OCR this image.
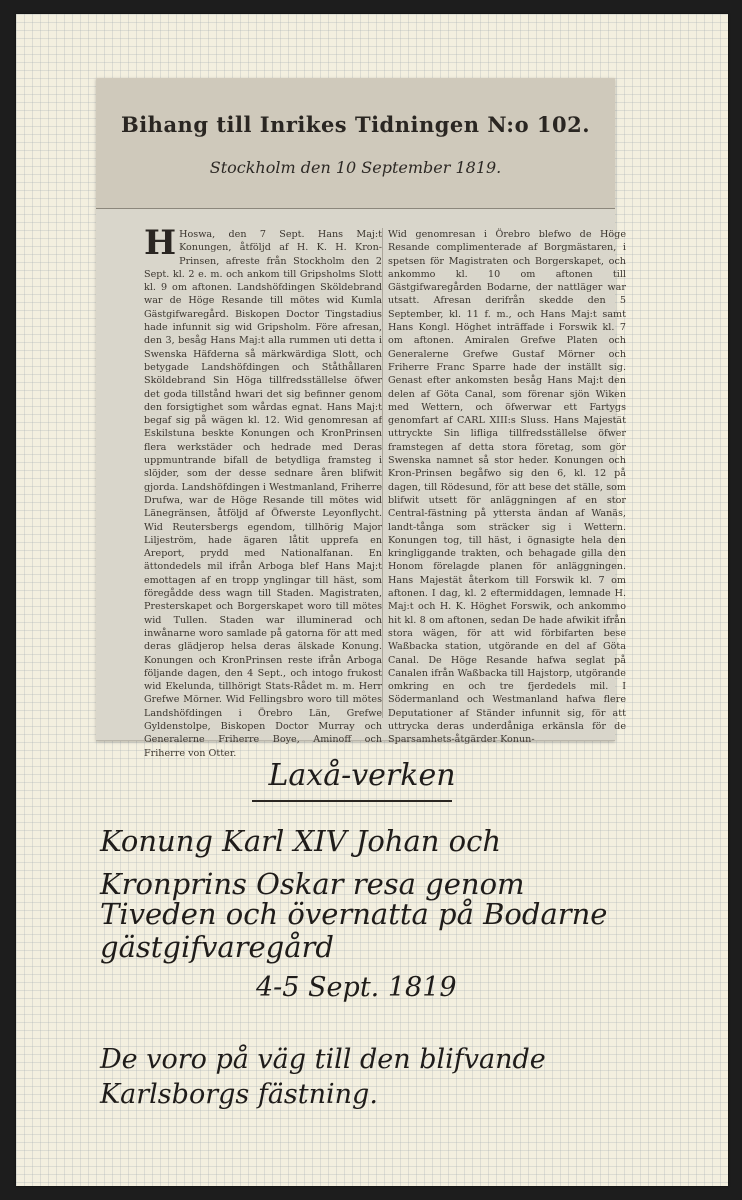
Bihang till Inrikes Tidningen N:o 102.
Stockholm den 10 September 1819.
H Hoswa, den 7 Sept. Hans Maj:t Konungen, åtföljd af H. K. H. Kron-Prinsen, afreste från Stockholm den 2 Sept. kl. 2 e. m. och ankom till Gripsholms Slott kl. 9 om aftonen. Landshöfdingen Sköldebrand war de Höge Resande till mötes wid Kumla Gästgifwaregård. Biskopen Doctor Tingstadius hade infunnit sig wid Gripsholm. Före afresan, den 3, besåg Hans Maj:t alla rummen uti detta i Swenska Häfderna så märkwärdiga Slott, och betygade Landshöfdingen och Ståthållaren Sköldebrand Sin Höga tillfredsställelse öfwer det goda tillstånd hwari det sig befinner genom den forsigtighet som wårdas egnat. Hans Maj:t begaf sig på wägen kl. 12. Wid genomresan af Eskilstuna beskte Konungen och KronPrinsen flera werkstäder och hedrade med Deras uppmuntrande bifall de betydliga framsteg i slöjder, som der desse sednare åren blifwit gjorda. Landshöfdingen i Westmanland, Friherre Drufwa, war de Höge Resande till mötes wid Länegränsen, åtföljd af Öfwerste Leyonflycht. Wid Reutersbergs egendom, tillhörig Major Liljeström, hade ägaren låtit upprefa en Areport, prydd med Nationalfanan. En ättondedels mil ifrån Arboga blef Hans Maj:t emottagen af en tropp ynglingar till häst, som föregådde dess wagn till Staden. Magistraten, Presterskapet och Borgerskapet woro till mötes wid Tullen. Staden war illuminerad och inwånarne woro samlade på gatorna för att med deras glädjerop helsa deras älskade Konung. Konungen och KronPrinsen reste ifrån Arboga följande dagen, den 4 Sept., och intogo frukost wid Ekelunda, tillhörigt Stats-Rådet m. m. Herr Grefwe Mörner. Wid Fellingsbro woro till mötes Landshöfdingen i Örebro Län, Grefwe Gyldenstolpe, Biskopen Doctor Murray och Generalerne Friherre Boye, Aminoff och Friherre von Otter.

Wid genomresan i Örebro blefwo de Höge Resande complimenterade af Borgmästaren, i spetsen för Magistraten och Borgerskapet, och ankommo kl. 10 om aftonen till Gästgifwaregården Bodarne, der nattläger war utsatt. Afresan derifrån skedde den 5 September, kl. 11 f. m., och Hans Maj:t samt Hans Kongl. Höghet inträffade i Forswik kl. 7 om aftonen. Amiralen Grefwe Platen och Generalerne Grefwe Gustaf Mörner och Friherre Franc Sparre hade der inställt sig. Genast efter ankomsten besåg Hans Maj:t den delen af Göta Canal, som förenar sjön Wiken med Wettern, och öfwerwar ett Fartygs genomfart af CARL XIII:s Sluss. Hans Majestät uttryckte Sin lifliga tillfredsställelse öfwer framstegen af detta stora företag, som gör Swenska namnet så stor heder. Konungen och Kron-Prinsen begåfwo sig den 6, kl. 12 på dagen, till Rödesund, för att bese det ställe, som blifwit utsett för anläggningen af en stor Central-fästning på yttersta ändan af Wanäs, landt-tånga som sträcker sig i Wettern. Konungen tog, till häst, i ögnasigte hela den kringliggande trakten, och behagade gilla den Honom förelagde planen för anläggningen. Hans Majestät återkom till Forswik kl. 7 om aftonen. I dag, kl. 2 eftermiddagen, lemnade H. Maj:t och H. K. Höghet Forswik, och ankommo hit kl. 8 om aftonen, sedan De hade afwikit ifrån stora wägen, för att wid förbifarten bese Waßbacka station, utgörande en del af Göta Canal. De Höge Resande hafwa seglat på Canalen ifrån Waßbacka till Hajstorp, utgörande omkring en och tre fjerdedels mil. I Södermanland och Westmanland hafwa flere Deputationer af Ständer infunnit sig, för att uttrycka deras underdåniga erkänsla för de Sparsamhets-åtgärder Konun-

Laxå-verken
Konung Karl XIV Johan och
Kronprins Oskar resa genom
Tiveden och övernatta på Bodarne
gästgifvaregård
4-5 Sept. 1819
De voro på väg till den blifvande
Karlsborgs fästning.
